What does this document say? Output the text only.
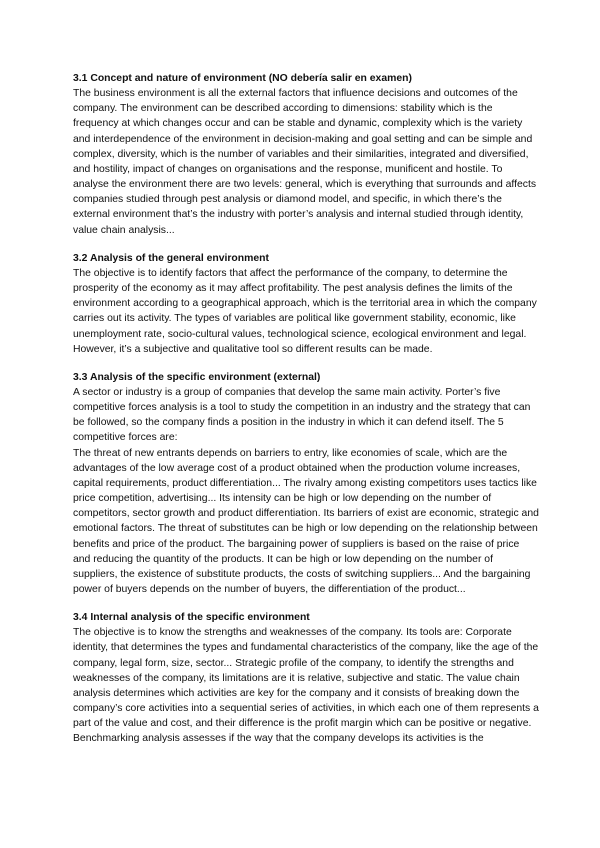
3.1 Concept and nature of environment (NO debería salir en examen)

The business environment is all the external factors that influence decisions and outcomes of the company. The environment can be described according to dimensions: stability which is the frequency at which changes occur and can be stable and dynamic, complexity which is the variety and interdependence of the environment in decision-making and goal setting and can be simple and complex, diversity, which is the number of variables and their similarities, integrated and diversified, and hostility, impact of changes on organisations and the response, munificent and hostile. To analyse the environment there are two levels: general, which is everything that surrounds and affects companies studied through pest analysis or diamond model, and specific, in which there’s the external environment that’s the industry with porter’s analysis and internal studied through identity, value chain analysis...

3.2 Analysis of the general environment

The objective is to identify factors that affect the performance of the company, to determine the prosperity of the economy as it may affect profitability. The pest analysis defines the limits of the environment according to a geographical approach, which is the territorial area in which the company carries out its activity. The types of variables are political like government stability, economic, like unemployment rate, socio-cultural values, technological science, ecological environment and legal. However, it’s a subjective and qualitative tool so different results can be made.

3.3 Analysis of the specific environment (external)

A sector or industry is a group of companies that develop the same main activity. Porter’s five competitive forces analysis is a tool to study the competition in an industry and the strategy that can be followed, so the company finds a position in the industry in which it can defend itself. The 5 competitive forces are:

The threat of new entrants depends on barriers to entry, like economies of scale, which are the advantages of the low average cost of a product obtained when the production volume increases, capital requirements, product differentiation... The rivalry among existing competitors uses tactics like price competition, advertising... Its intensity can be high or low depending on the number of competitors, sector growth and product differentiation. Its barriers of exist are economic, strategic and emotional factors. The threat of substitutes can be high or low depending on the relationship between benefits and price of the product. The bargaining power of suppliers is based on the raise of price and reducing the quantity of the products. It can be high or low depending on the number of suppliers, the existence of substitute products, the costs of switching suppliers... And the bargaining power of buyers depends on the number of buyers, the differentiation of the product...

3.4 Internal analysis of the specific environment

The objective is to know the strengths and weaknesses of the company. Its tools are: Corporate identity, that determines the types and fundamental characteristics of the company, like the age of the company, legal form, size, sector... Strategic profile of the company, to identify the strengths and weaknesses of the company, its limitations are it is relative, subjective and static. The value chain analysis determines which activities are key for the company and it consists of breaking down the company’s core activities into a sequential series of activities, in which each one of them represents a part of the value and cost, and their difference is the profit margin which can be positive or negative. Benchmarking analysis assesses if the way that the company develops its activities is the
